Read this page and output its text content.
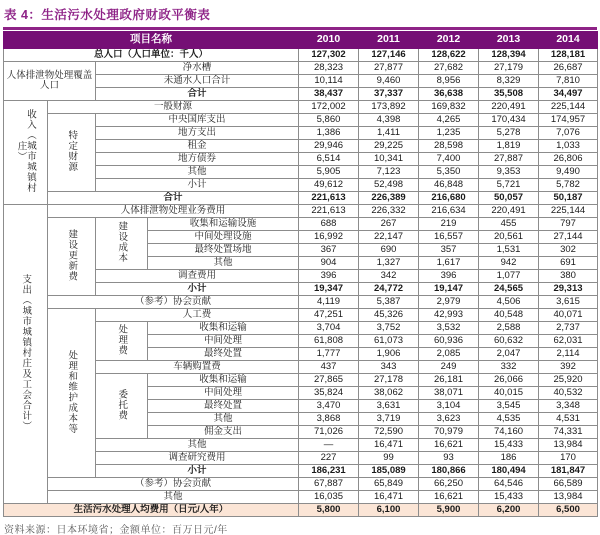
表 4：生活污水处理政府财政平衡表
项目名称				2010	2011	2012	2013	2014
总人口（人口单位：千人）				127,302	127,146	128,622	128,394	128,181
人体排泄物处理覆盖人口		净水槽		28,323	27,877	27,682	27,179	26,687
		未通水人口合计		10,114	9,460	8,956	8,329	7,810
		合计		38,437	37,337	36,638	35,508	34,497
收入（城市城镇村庄）	一般财源			172,002	173,892	169,832	220,491	225,144
	特定财源	中央国库支出		5,860	4,398	4,265	170,434	174,957
		地方支出		1,386	1,411	1,235	5,278	7,076
		租金		29,946	29,225	28,598	1,819	1,033
		地方债券		6,514	10,341	7,400	27,887	26,806
		其他		5,905	7,123	5,350	9,353	9,490
		小计		49,612	52,498	46,848	5,721	5,782
	合计			221,613	226,389	216,680	50,057	50,187
支出（城市城镇村庄及工会合计）	人体排泄物处理业务费用			221,613	226,332	216,634	220,491	225,144
	建设更新费	建设成本	收集和运输设施	688	267	219	455	797
			中间处理设施	16,992	22,147	16,557	20,561	27,144
			最终处置场地	367	690	357	1,531	302
			其他	904	1,327	1,617	942	691
		调查费用		396	342	396	1,077	380
		小计		19,347	24,772	19,147	24,565	29,313
	（参考）协会贡献			4,119	5,387	2,979	4,506	3,615
	处理和维护成本等	人工费		47,251	45,326	42,993	40,548	40,071
		处理费	收集和运输	3,704	3,752	3,532	2,588	2,737
			中间处理	61,808	61,073	60,936	60,632	62,031
			最终处置	1,777	1,906	2,085	2,047	2,114
		车辆购置费		437	343	249	332	392
		委托费	收集和运输	27,865	27,178	26,181	26,066	25,920
			中间处理	35,824	38,062	38,071	40,015	40,532
			最终处置	3,470	3,631	3,104	3,545	3,348
			其他	3,868	3,719	3,623	4,535	4,531
			佣金支出	71,026	72,590	70,979	74,160	74,331
		其他		—	16,471	16,621	15,433	13,984
		调查研究费用		227	99	93	186	170
		小计		186,231	185,089	180,866	180,494	181,847
	（参考）协会贡献			67,887	65,849	66,250	64,546	66,589
	其他			16,035	16,471	16,621	15,433	13,984
生活污水处理人均费用（日元/人年）				5,800	6,100	5,900	6,200	6,500
资料来源：日本环境省；金额单位：百万日元/年
